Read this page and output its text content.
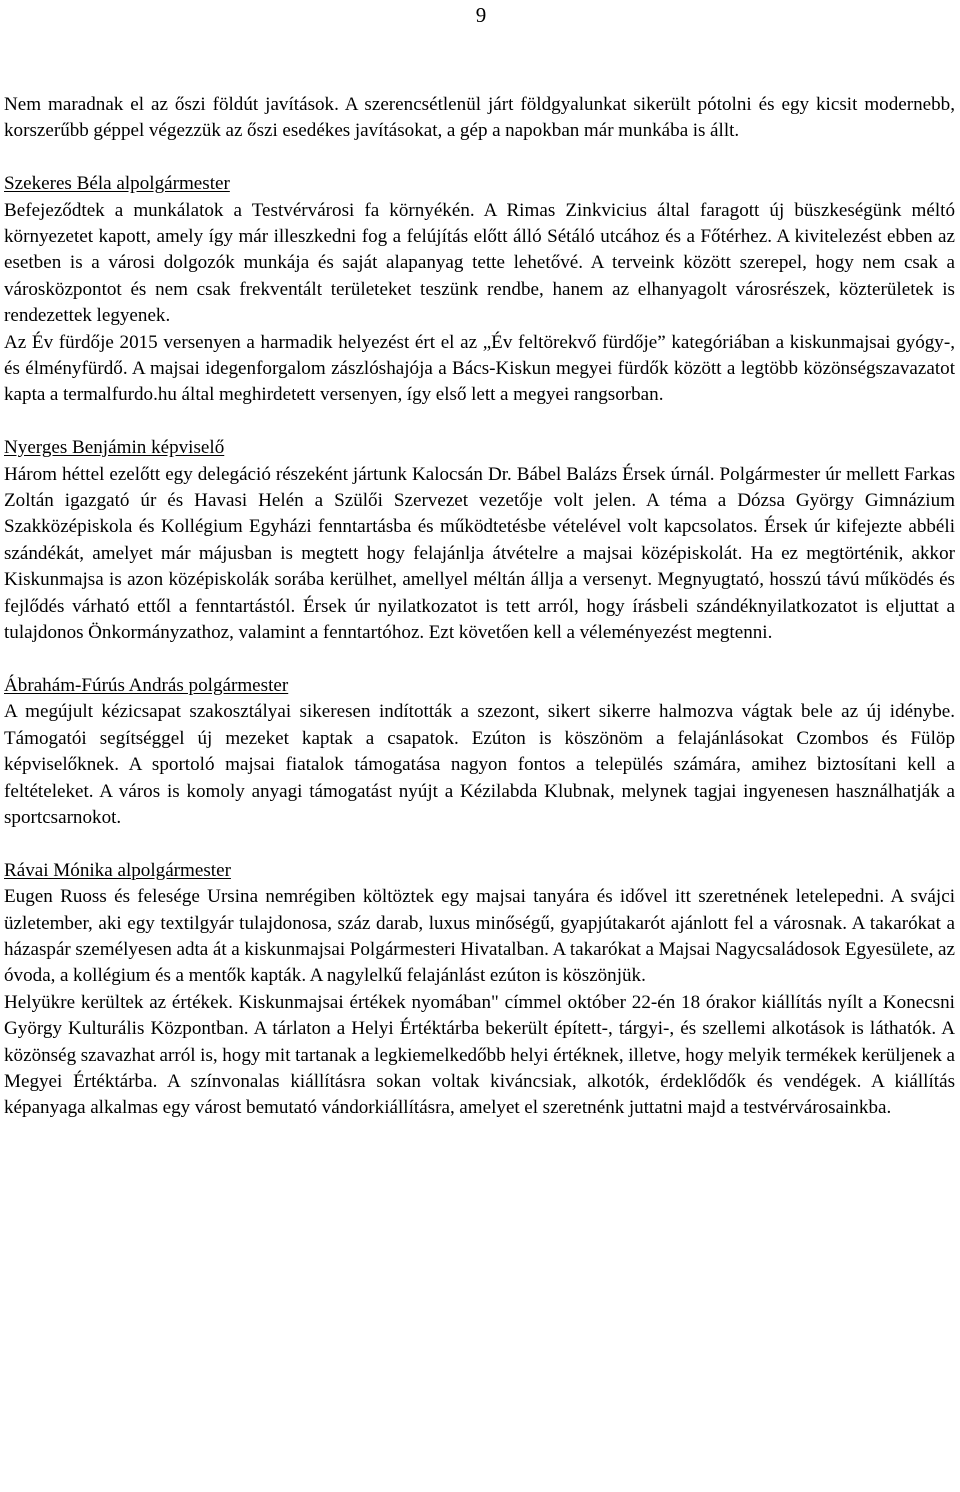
9

Nem maradnak el az őszi földút javítások. A szerencsétlenül járt földgyalunkat sikerült pótolni és egy kicsit modernebb, korszerűbb géppel végezzük az őszi esedékes javításokat, a gép a napokban már munkába is állt.

Szekeres Béla alpolgármester

Befejeződtek a munkálatok a Testvérvárosi fa környékén. A Rimas Zinkvicius által faragott új büszkeségünk méltó környezetet kapott, amely így már illeszkedni fog a felújítás előtt álló Sétáló utcához és a Főtérhez. A kivitelezést ebben az esetben is a városi dolgozók munkája és saját alapanyag tette lehetővé. A terveink között szerepel, hogy nem csak a városközpontot és nem csak frekventált területeket teszünk rendbe, hanem az elhanyagolt városrészek, közterületek is rendezettek legyenek.

Az Év fürdője 2015 versenyen a harmadik helyezést ért el az „Év feltörekvő fürdője” kategóriában a kiskunmajsai gyógy-, és élményfürdő. A majsai idegenforgalom zászlóshajója a Bács-Kiskun megyei fürdők között a legtöbb közönségszavazatot kapta a termalfurdo.hu által meghirdetett versenyen, így első lett a megyei rangsorban.

Nyerges Benjámin képviselő

Három héttel ezelőtt egy delegáció részeként jártunk Kalocsán Dr. Bábel Balázs Érsek úrnál. Polgármester úr mellett Farkas Zoltán igazgató úr és Havasi Helén a Szülői Szervezet vezetője volt jelen. A téma a Dózsa György Gimnázium Szakközépiskola és Kollégium Egyházi fenntartásba és működtetésbe vételével volt kapcsolatos. Érsek úr kifejezte abbéli szándékát, amelyet már májusban is megtett hogy felajánlja átvételre a majsai középiskolát. Ha ez megtörténik, akkor Kiskunmajsa is azon középiskolák sorába kerülhet, amellyel méltán állja a versenyt. Megnyugtató, hosszú távú működés és fejlődés várható ettől a fenntartástól. Érsek úr nyilatkozatot is tett arról, hogy írásbeli szándéknyilatkozatot is eljuttat a tulajdonos Önkormányzathoz, valamint a fenntartóhoz. Ezt követően kell a véleményezést megtenni.

Ábrahám-Fúrús András polgármester

A megújult kézicsapat szakosztályai sikeresen indították a szezont, sikert sikerre halmozva vágtak bele az új idénybe. Támogatói segítséggel új mezeket kaptak a csapatok. Ezúton is köszönöm a felajánlásokat Czombos és Fülöp képviselőknek. A sportoló majsai fiatalok támogatása nagyon fontos a település számára, amihez biztosítani kell a feltételeket. A város is komoly anyagi támogatást nyújt a Kézilabda Klubnak, melynek tagjai ingyenesen használhatják a sportcsarnokot.

Rávai Mónika alpolgármester

Eugen Ruoss és felesége Ursina nemrégiben költöztek egy majsai tanyára és idővel itt szeretnének letelepedni. A svájci üzletember, aki egy textilgyár tulajdonosa, száz darab, luxus minőségű, gyapjútakarót ajánlott fel a városnak. A takarókat a házaspár személyesen adta át a kiskunmajsai Polgármesteri Hivatalban. A takarókat a Majsai Nagycsaládosok Egyesülete, az óvoda, a kollégium és a mentők kapták. A nagylelkű felajánlást ezúton is köszönjük.

Helyükre kerültek az értékek. Kiskunmajsai értékek nyomában" címmel október 22-én 18 órakor kiállítás nyílt a Konecsni György Kulturális Központban. A tárlaton a Helyi Értéktárba bekerült épített-, tárgyi-, és szellemi alkotások is láthatók. A közönség szavazhat arról is, hogy mit tartanak a legkiemelkedőbb helyi értéknek, illetve, hogy melyik termékek kerüljenek a Megyei Értéktárba. A színvonalas kiállításra sokan voltak kiváncsiak, alkotók, érdeklődők és vendégek. A kiállítás képanyaga alkalmas egy várost bemutató vándorkiállításra, amelyet el szeretnénk juttatni majd a testvérvárosainkba.
